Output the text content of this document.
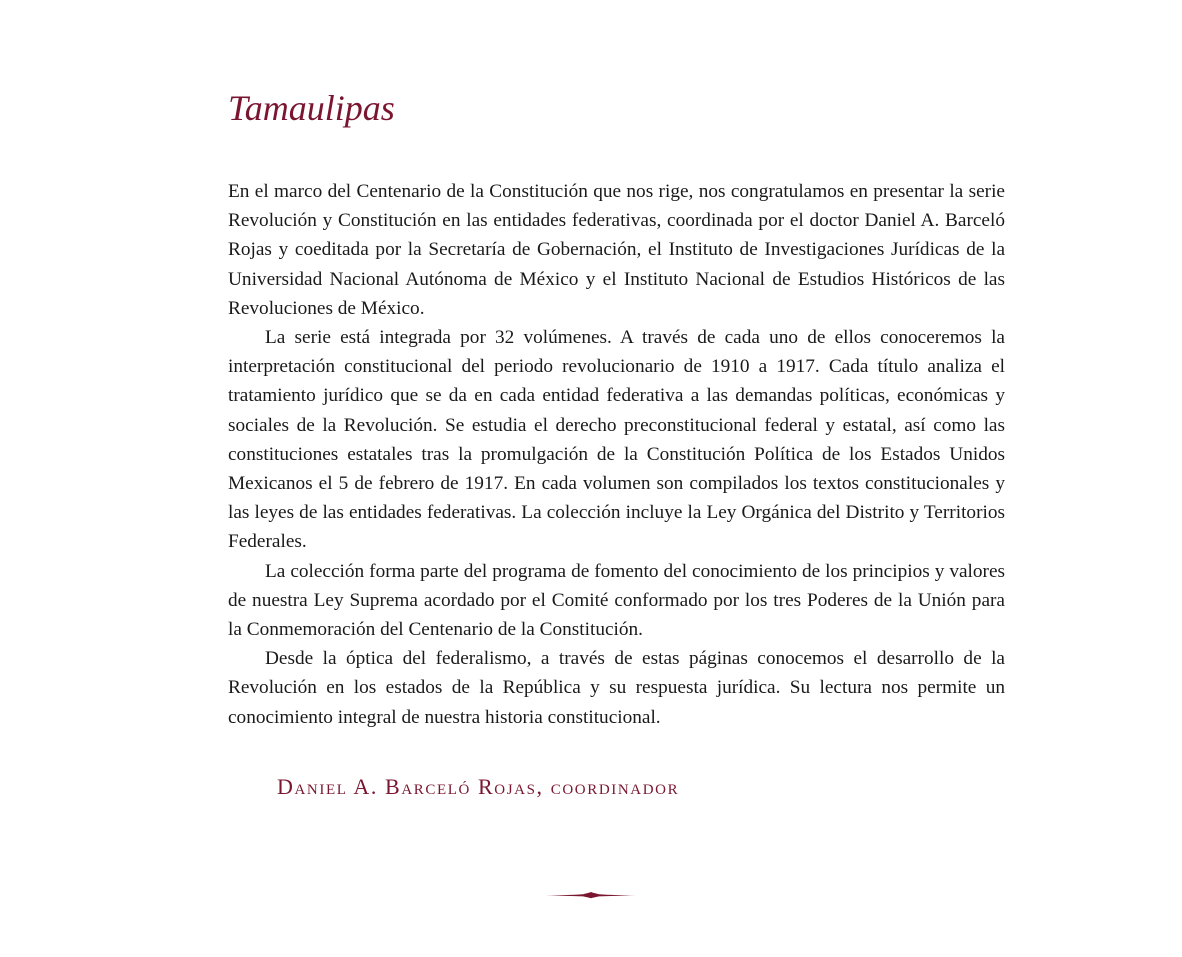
Tamaulipas

En el marco del Centenario de la Constitución que nos rige, nos congratulamos en presentar la serie Revolución y Constitución en las entidades federativas, coordinada por el doctor Daniel A. Barceló Rojas y coeditada por la Secretaría de Gobernación, el Instituto de Investigaciones Jurídicas de la Universidad Nacional Autónoma de México y el Instituto Nacional de Estudios Históricos de las Revoluciones de México.

La serie está integrada por 32 volúmenes. A través de cada uno de ellos conoceremos la interpretación constitucional del periodo revolucionario de 1910 a 1917. Cada título analiza el tratamiento jurídico que se da en cada entidad federativa a las demandas políticas, económicas y sociales de la Revolución. Se estudia el derecho preconstitucional federal y estatal, así como las constituciones estatales tras la promulgación de la Constitución Política de los Estados Unidos Mexicanos el 5 de febrero de 1917. En cada volumen son compilados los textos constitucionales y las leyes de las entidades federativas. La colección incluye la Ley Orgánica del Distrito y Territorios Federales.

La colección forma parte del programa de fomento del conocimiento de los principios y valores de nuestra Ley Suprema acordado por el Comité conformado por los tres Poderes de la Unión para la Conmemoración del Centenario de la Constitución.

Desde la óptica del federalismo, a través de estas páginas conocemos el desarrollo de la Revolución en los estados de la República y su respuesta jurídica. Su lectura nos permite un conocimiento integral de nuestra historia constitucional.

Daniel A. Barceló Rojas, coordinador
